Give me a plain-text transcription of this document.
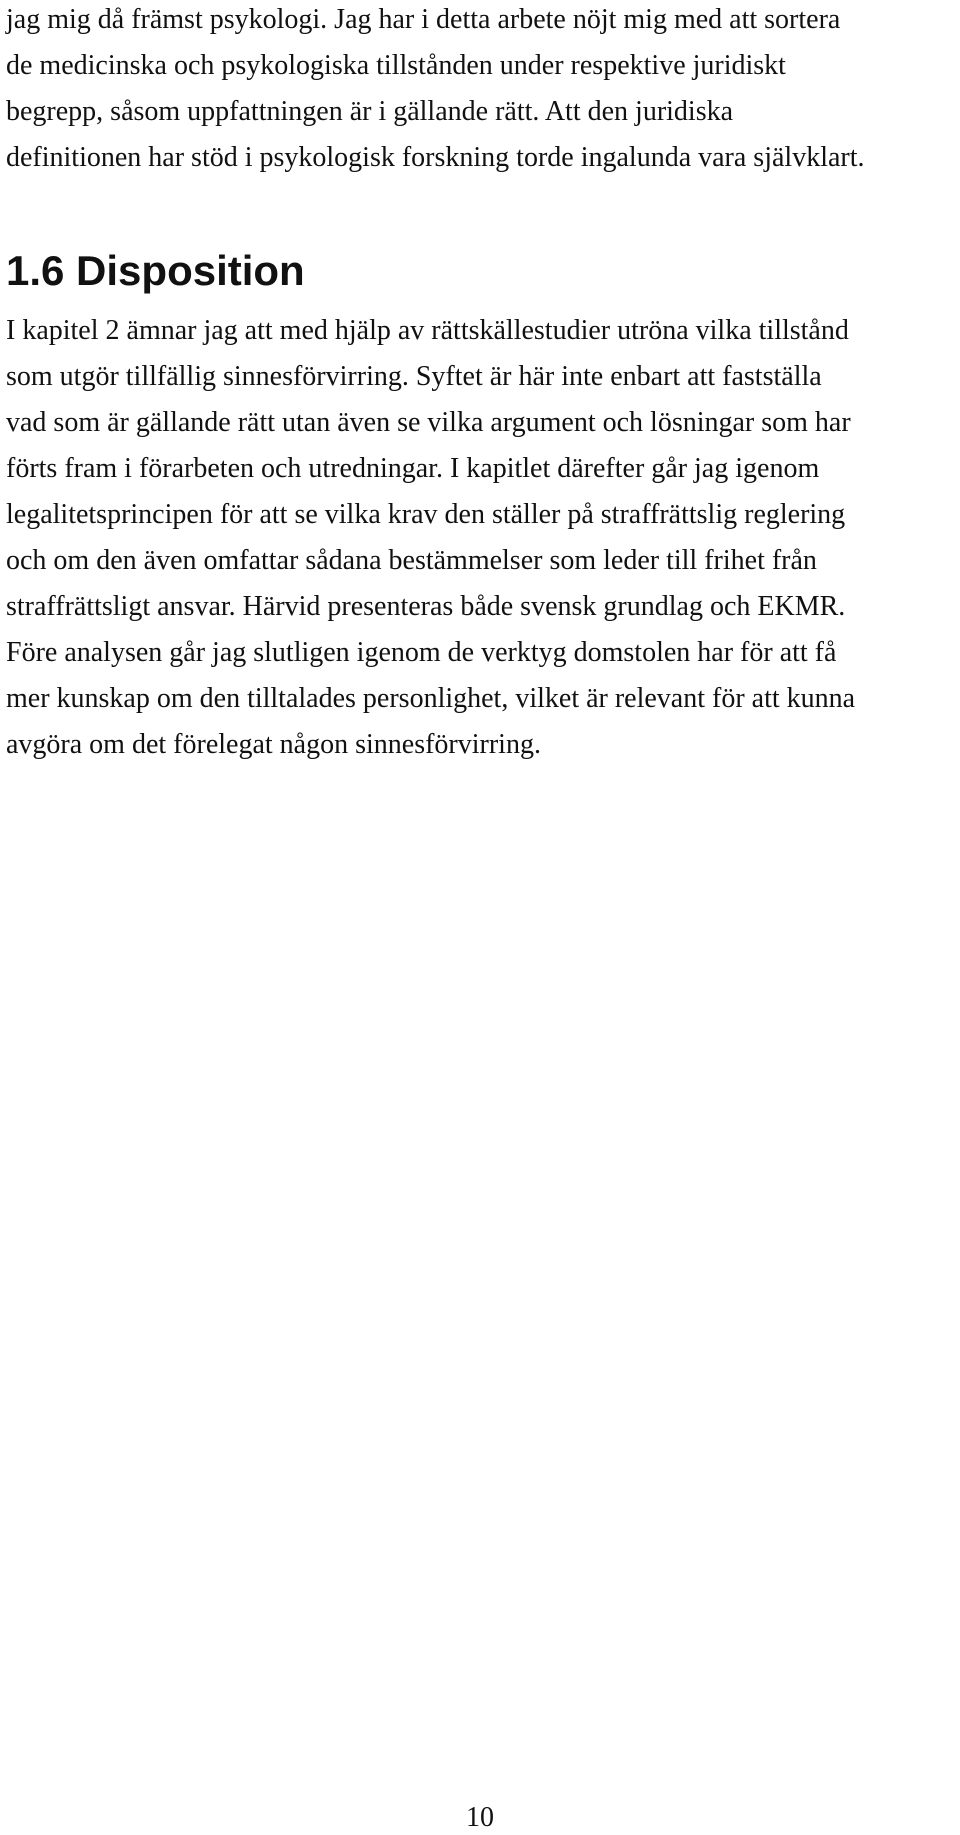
jag mig då främst psykologi. Jag har i detta arbete nöjt mig med att sortera
de medicinska och psykologiska tillstånden under respektive juridiskt
begrepp, såsom uppfattningen är i gällande rätt. Att den juridiska
definitionen har stöd i psykologisk forskning torde ingalunda vara självklart.
1.6 Disposition
I kapitel 2 ämnar jag att med hjälp av rättskällestudier utröna vilka tillstånd
som utgör tillfällig sinnesförvirring. Syftet är här inte enbart att fastställa
vad som är gällande rätt utan även se vilka argument och lösningar som har
förts fram i förarbeten och utredningar. I kapitlet därefter går jag igenom
legalitetsprincipen för att se vilka krav den ställer på straffrättslig reglering
och om den även omfattar sådana bestämmelser som leder till frihet från
straffrättsligt ansvar. Härvid presenteras både svensk grundlag och EKMR.
Före analysen går jag slutligen igenom de verktyg domstolen har för att få
mer kunskap om den tilltalades personlighet, vilket är relevant för att kunna
avgöra om det förelegat någon sinnesförvirring.
10
